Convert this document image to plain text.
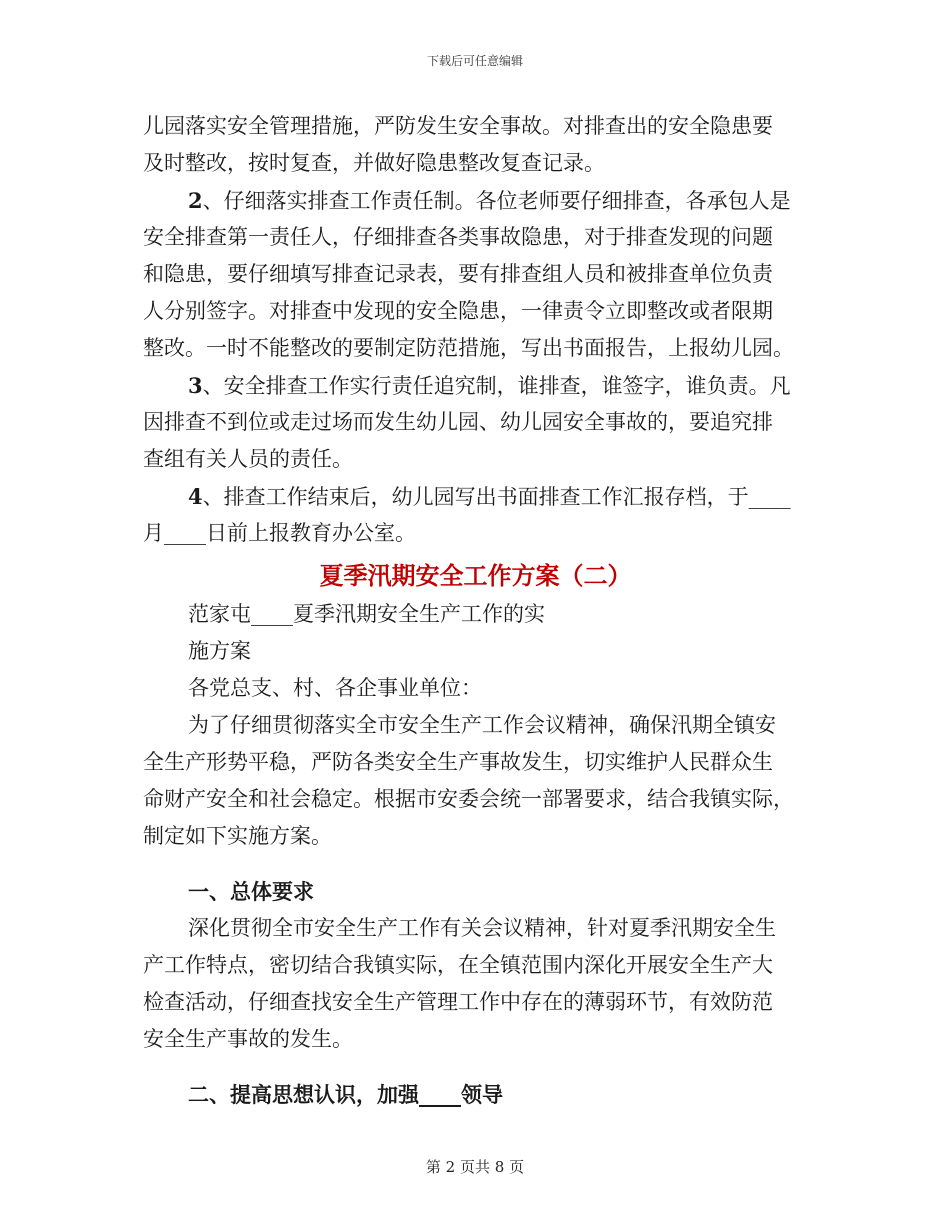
下载后可任意编辑
儿园落实安全管理措施，严防发生安全事故。对排查出的安全隐患要
及时整改，按时复查，并做好隐患整改复查记录。
2、仔细落实排查工作责任制。各位老师要仔细排查，各承包人是
安全排查第一责任人，仔细排查各类事故隐患，对于排查发现的问题
和隐患，要仔细填写排查记录表，要有排查组人员和被排查单位负责
人分别签字。对排查中发现的安全隐患，一律责令立即整改或者限期
整改。一时不能整改的要制定防范措施，写出书面报告，上报幼儿园。
3、安全排查工作实行责任追究制，谁排查，谁签字，谁负责。凡
因排查不到位或走过场而发生幼儿园、幼儿园安全事故的，要追究排
查组有关人员的责任。
4、排查工作结束后，幼儿园写出书面排查工作汇报存档，于____
月____日前上报教育办公室。
夏季汛期安全工作方案（二）
范家屯____夏季汛期安全生产工作的实
施方案
各党总支、村、各企事业单位：
为了仔细贯彻落实全市安全生产工作会议精神，确保汛期全镇安
全生产形势平稳，严防各类安全生产事故发生，切实维护人民群众生
命财产安全和社会稳定。根据市安委会统一部署要求，结合我镇实际，
制定如下实施方案。
一、总体要求
深化贯彻全市安全生产工作有关会议精神，针对夏季汛期安全生
产工作特点，密切结合我镇实际，在全镇范围内深化开展安全生产大
检查活动，仔细查找安全生产管理工作中存在的薄弱环节，有效防范
安全生产事故的发生。
二、提高思想认识，加强____领导
第 2 页共 8 页
